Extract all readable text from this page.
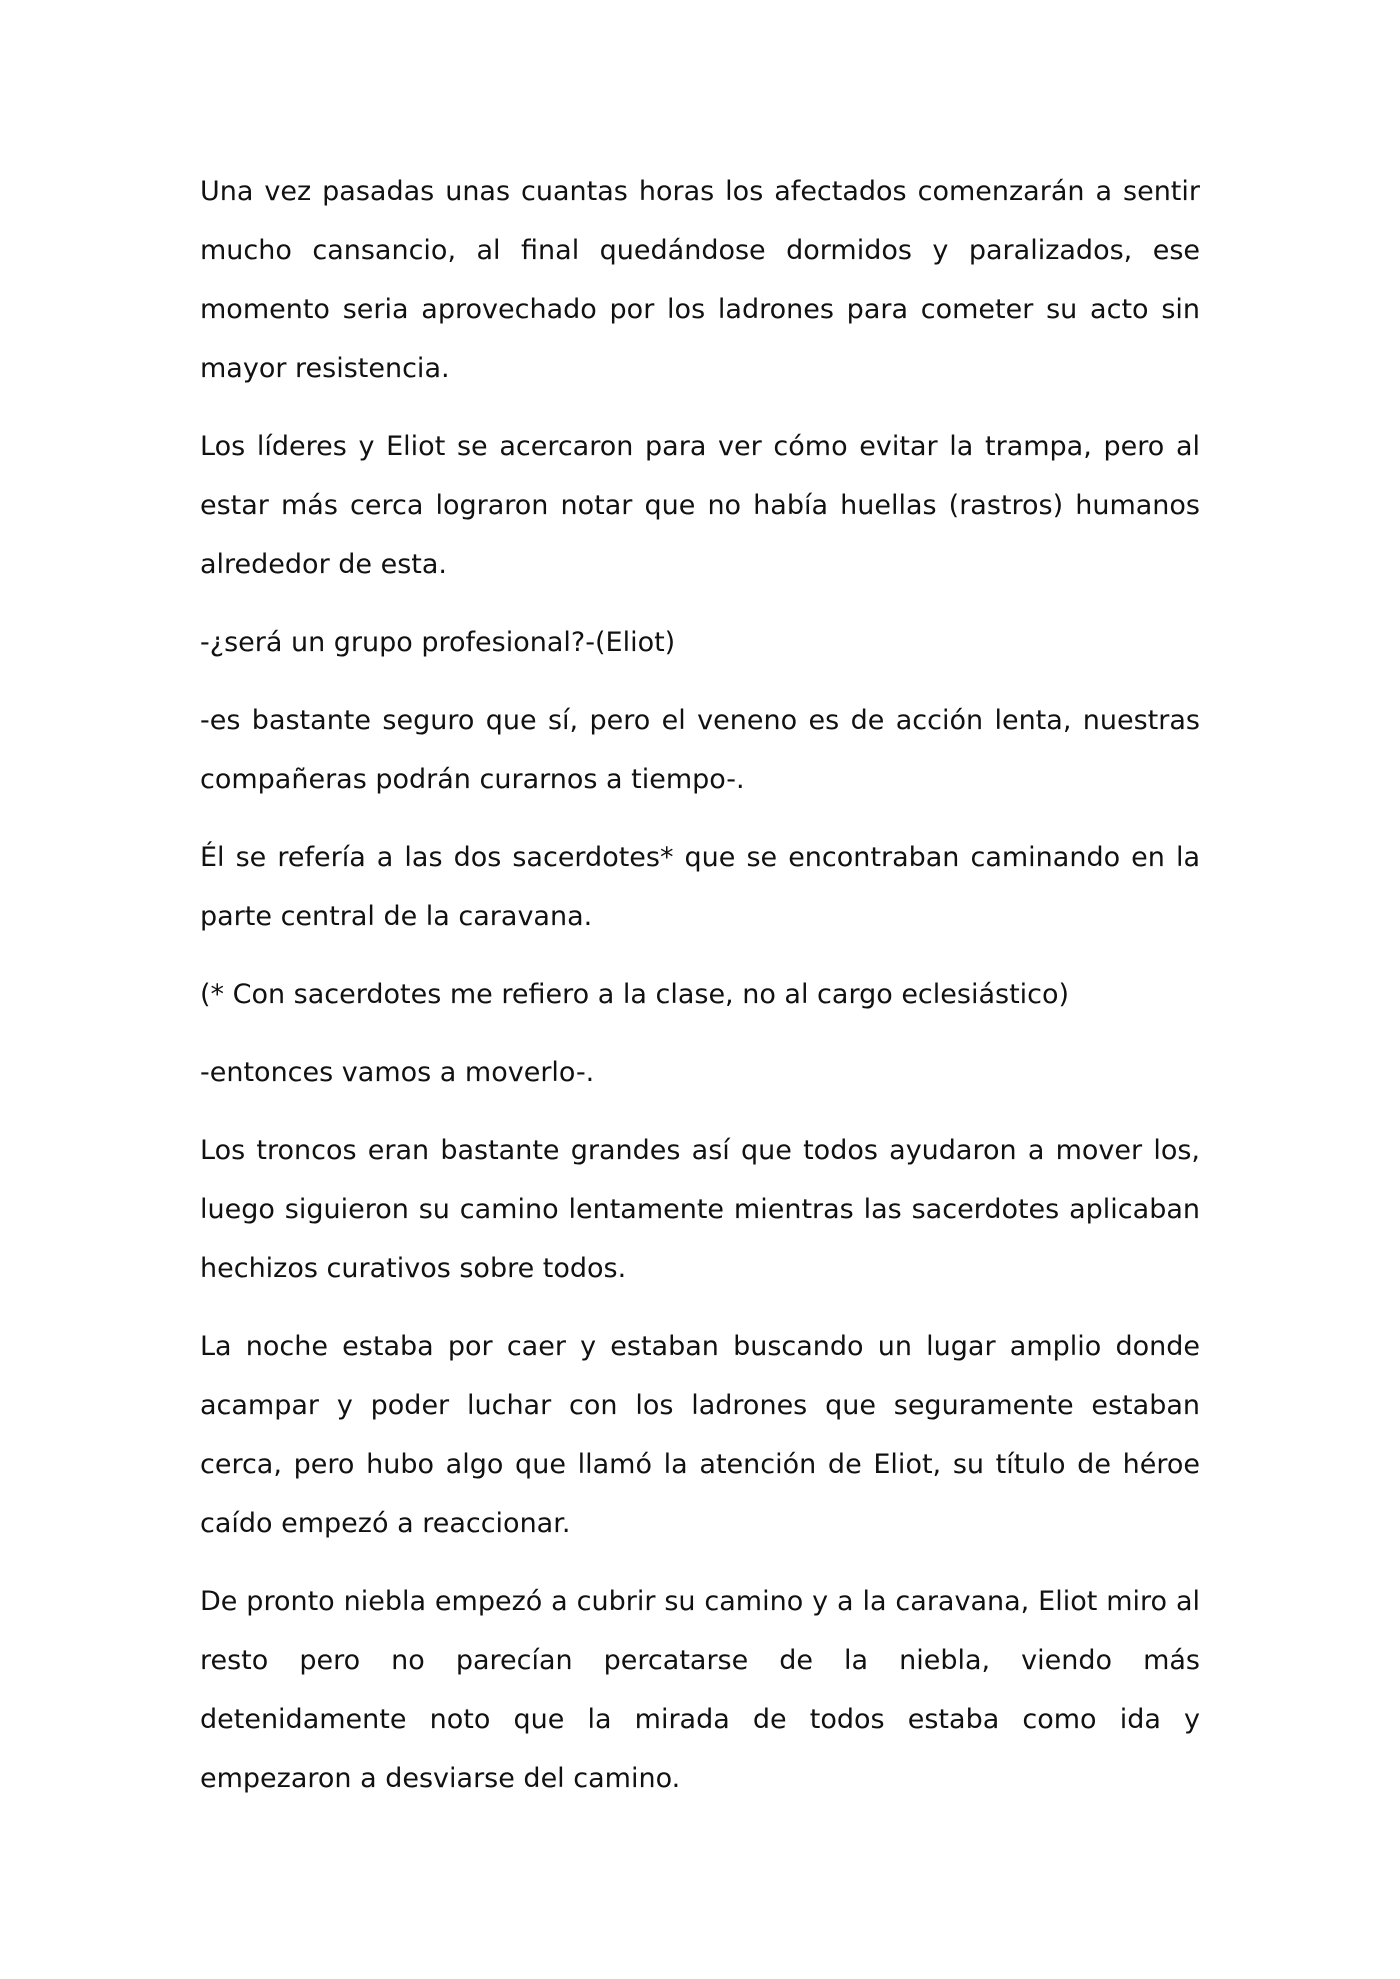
Una vez pasadas unas cuantas horas los afectados comenzarán a sentir mucho cansancio, al final quedándose dormidos y paralizados, ese momento seria aprovechado por los ladrones para cometer su acto sin mayor resistencia.

Los líderes y Eliot se acercaron para ver cómo evitar la trampa, pero al estar más cerca lograron notar que no había huellas (rastros) humanos alrededor de esta.

-¿será un grupo profesional?-(Eliot)

-es bastante seguro que sí, pero el veneno es de acción lenta, nuestras compañeras podrán curarnos a tiempo-.

Él se refería a las dos sacerdotes* que se encontraban caminando en la parte central de la caravana.

(* Con sacerdotes me refiero a la clase, no al cargo eclesiástico)

-entonces vamos a moverlo-.

Los troncos eran bastante grandes así que todos ayudaron a mover los, luego siguieron su camino lentamente mientras las sacerdotes aplicaban hechizos curativos sobre todos.

La noche estaba por caer y estaban buscando un lugar amplio donde acampar y poder luchar con los ladrones que seguramente estaban cerca, pero hubo algo que llamó la atención de Eliot, su título de héroe caído empezó a reaccionar.

De pronto niebla empezó a cubrir su camino y a la caravana, Eliot miro al resto pero no parecían percatarse de la niebla, viendo más detenidamente noto que la mirada de todos estaba como ida y empezaron a desviarse del camino.
